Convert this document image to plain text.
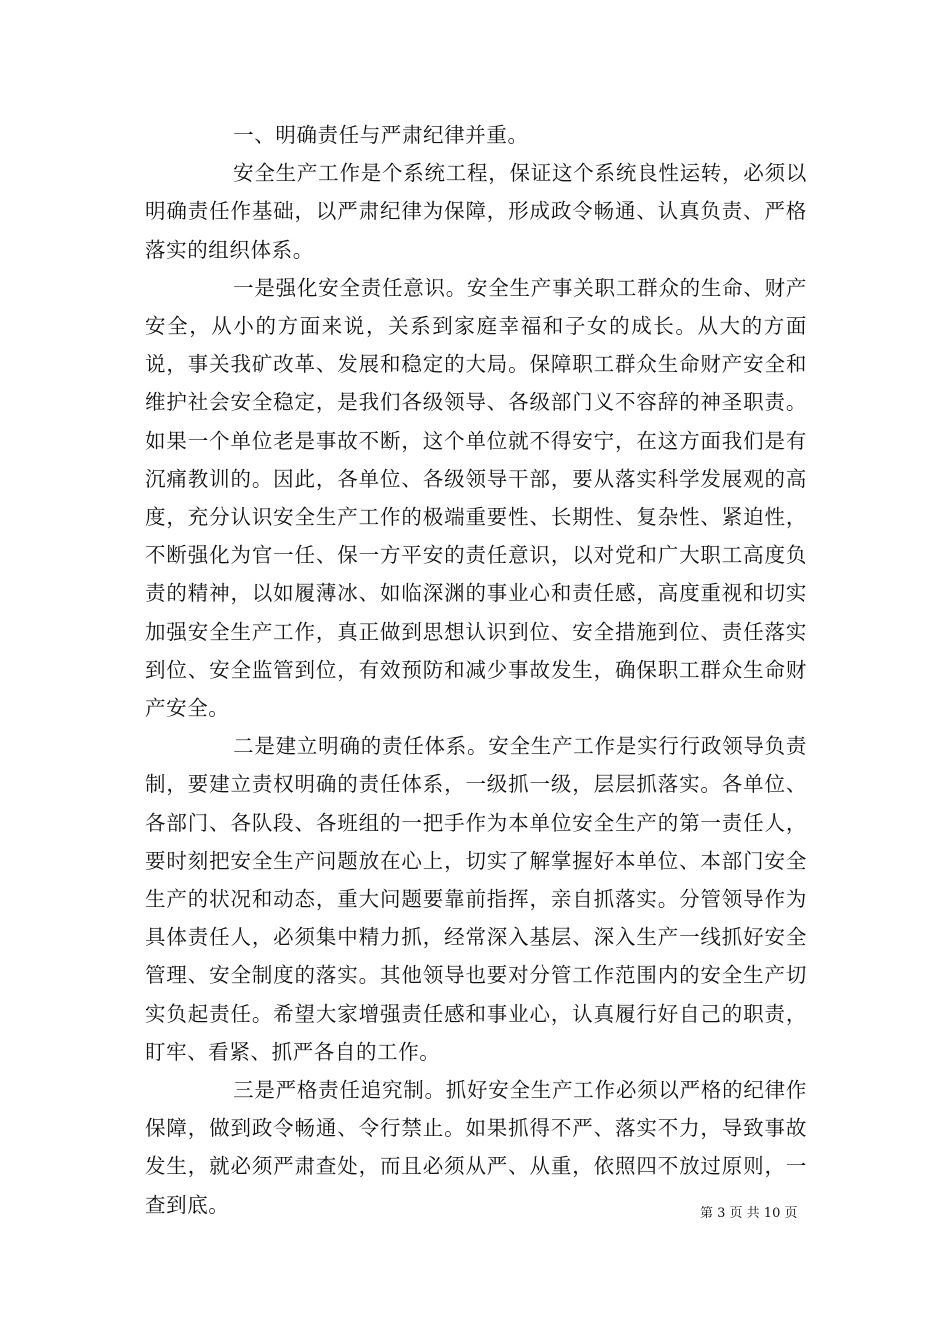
一、明确责任与严肃纪律并重。

安全生产工作是个系统工程，保证这个系统良性运转，必须以明确责任作基础，以严肃纪律为保障，形成政令畅通、认真负责、严格落实的组织体系。

一是强化安全责任意识。安全生产事关职工群众的生命、财产安全，从小的方面来说，关系到家庭幸福和子女的成长。从大的方面说，事关我矿改革、发展和稳定的大局。保障职工群众生命财产安全和维护社会安全稳定，是我们各级领导、各级部门义不容辞的神圣职责。如果一个单位老是事故不断，这个单位就不得安宁，在这方面我们是有沉痛教训的。因此，各单位、各级领导干部，要从落实科学发展观的高度，充分认识安全生产工作的极端重要性、长期性、复杂性、紧迫性，不断强化为官一任、保一方平安的责任意识，以对党和广大职工高度负责的精神，以如履薄冰、如临深渊的事业心和责任感，高度重视和切实加强安全生产工作，真正做到思想认识到位、安全措施到位、责任落实到位、安全监管到位，有效预防和减少事故发生，确保职工群众生命财产安全。

二是建立明确的责任体系。安全生产工作是实行行政领导负责制，要建立责权明确的责任体系，一级抓一级，层层抓落实。各单位、各部门、各队段、各班组的一把手作为本单位安全生产的第一责任人，要时刻把安全生产问题放在心上，切实了解掌握好本单位、本部门安全生产的状况和动态，重大问题要靠前指挥，亲自抓落实。分管领导作为具体责任人，必须集中精力抓，经常深入基层、深入生产一线抓好安全管理、安全制度的落实。其他领导也要对分管工作范围内的安全生产切实负起责任。希望大家增强责任感和事业心，认真履行好自己的职责，盯牢、看紧、抓严各自的工作。

三是严格责任追究制。抓好安全生产工作必须以严格的纪律作保障，做到政令畅通、令行禁止。如果抓得不严、落实不力，导致事故发生，就必须严肃查处，而且必须从严、从重，依照四不放过原则，一查到底。	第 3 页 共 10 页
